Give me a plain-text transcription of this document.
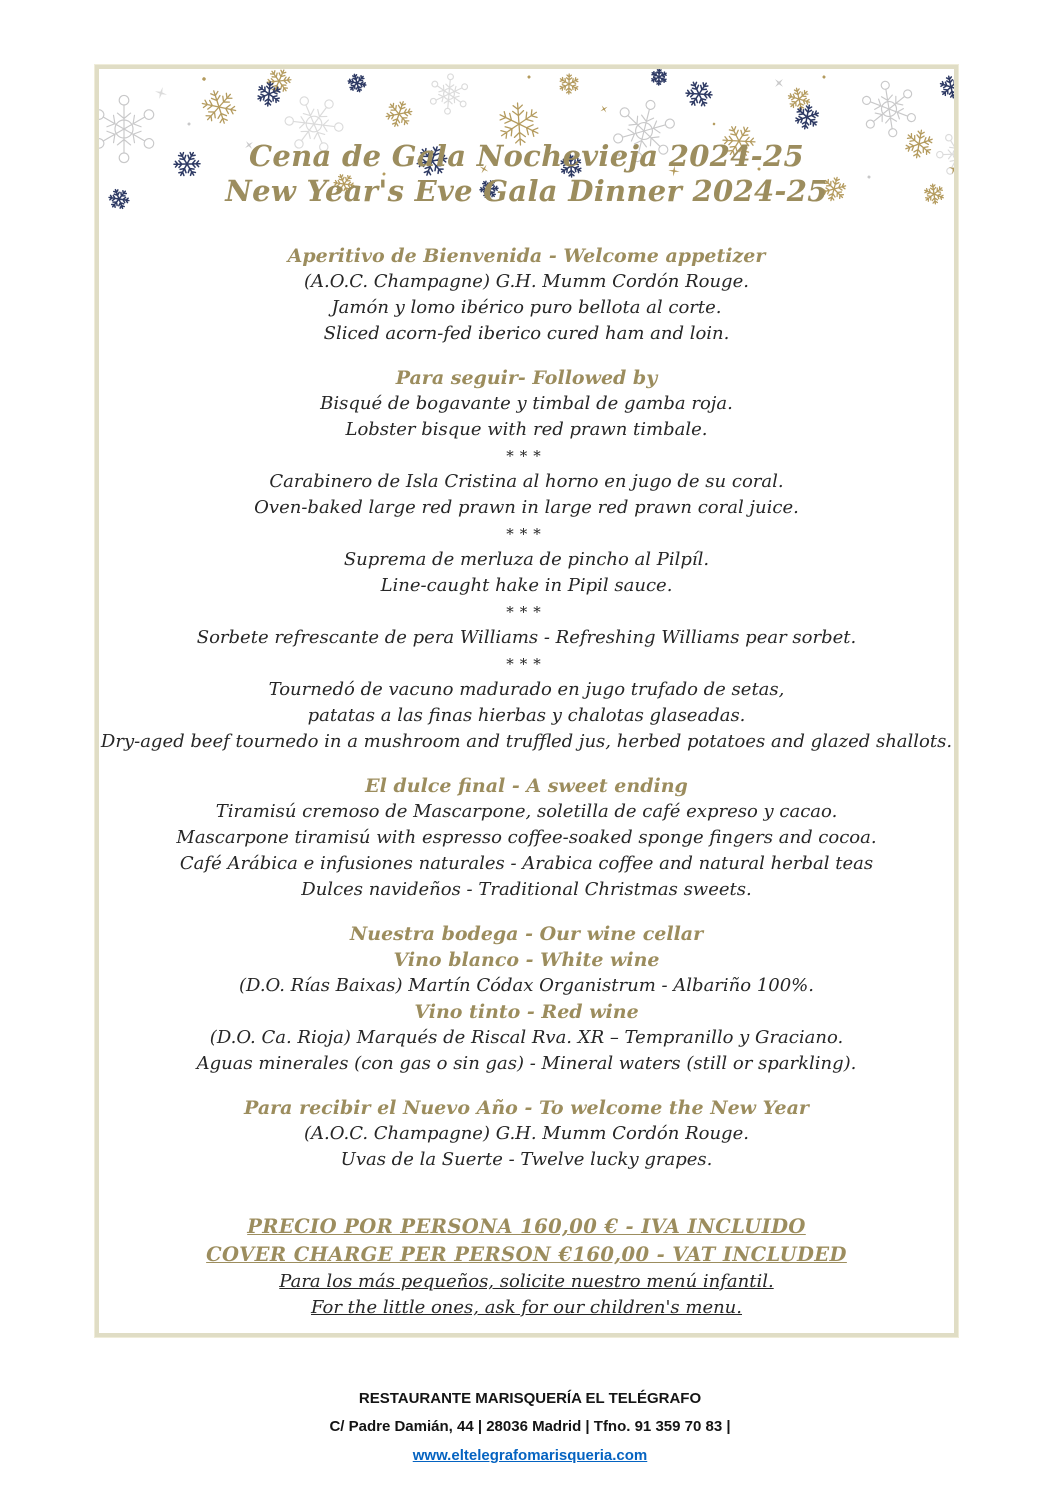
Cena de Gala Nochevieja 2024-25
New Year's Eve Gala Dinner 2024-25
Aperitivo de Bienvenida - Welcome appetizer
(A.O.C. Champagne) G.H. Mumm Cordón Rouge.
Jamón y lomo ibérico puro bellota al corte.
Sliced acorn-fed iberico cured ham and loin.
Para seguir- Followed by
Bisqué de bogavante y timbal de gamba roja.
Lobster bisque with red prawn timbale.
***
Carabinero de Isla Cristina al horno en jugo de su coral.
Oven-baked large red prawn in large red prawn coral juice.
***
Suprema de merluza de pincho al Pilpíl.
Line-caught hake in Pipil sauce.
***
Sorbete refrescante de pera Williams - Refreshing Williams pear sorbet.
***
Tournedó de vacuno madurado en jugo trufado de setas,
patatas a las finas hierbas y chalotas glaseadas.
Dry-aged beef tournedo in a mushroom and truffled jus, herbed potatoes and glazed shallots.
El dulce final - A sweet ending
Tiramisú cremoso de Mascarpone, soletilla de café expreso y cacao.
Mascarpone tiramisú with espresso coffee-soaked sponge fingers and cocoa.
Café Arábica e infusiones naturales - Arabica coffee and natural herbal teas
Dulces navideños - Traditional Christmas sweets.
Nuestra bodega - Our wine cellar
Vino blanco - White wine
(D.O. Rías Baixas) Martín Códax Organistrum - Albariño 100%.
Vino tinto - Red wine
(D.O. Ca. Rioja) Marqués de Riscal Rva. XR – Tempranillo y Graciano.
Aguas minerales (con gas o sin gas) - Mineral waters (still or sparkling).
Para recibir el Nuevo Año - To welcome the New Year
(A.O.C. Champagne) G.H. Mumm Cordón Rouge.
Uvas de la Suerte - Twelve lucky grapes.
PRECIO POR PERSONA 160,00 € - IVA INCLUIDO
COVER CHARGE PER PERSON €160,00 - VAT INCLUDED
Para los más pequeños, solicite nuestro menú infantil.
For the little ones, ask for our children's menu.
RESTAURANTE MARISQUERÍA EL TELÉGRAFO
C/ Padre Damián, 44 | 28036 Madrid | Tfno. 91 359 70 83 |
www.eltelegrafomarisqueria.com
